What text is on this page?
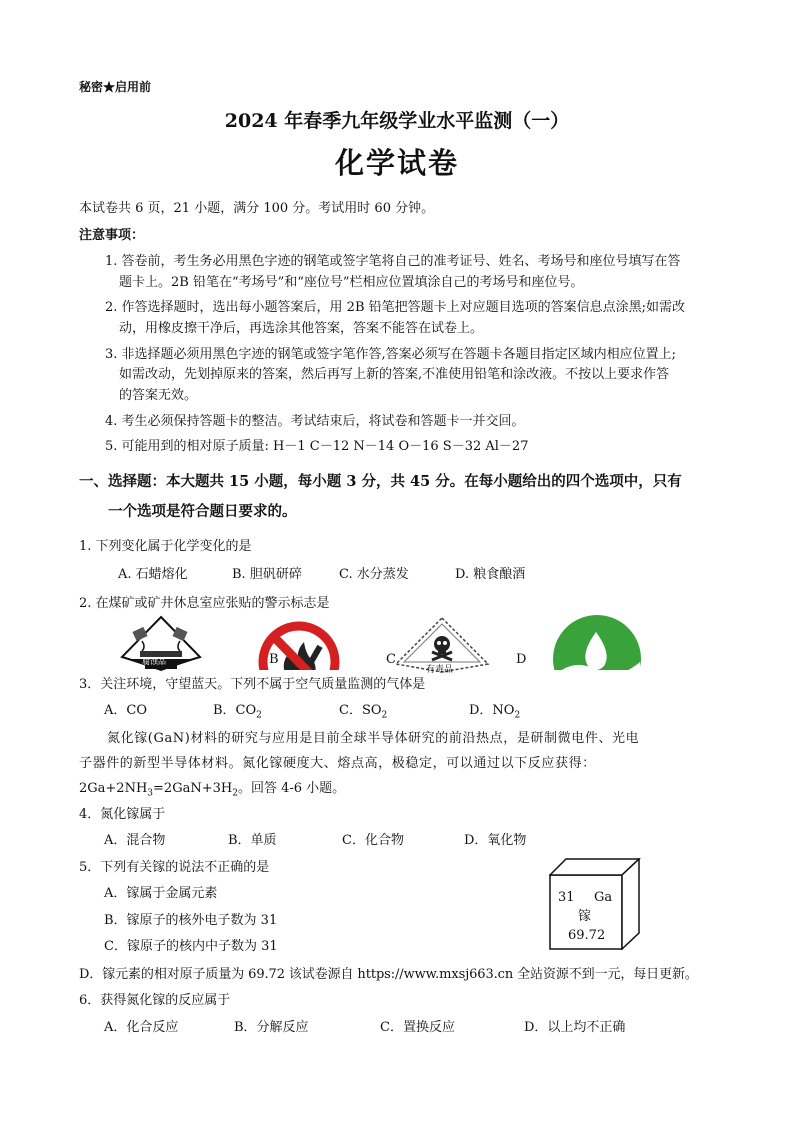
秘密★启用前
2024 年春季九年级学业水平监测（一）
化学试卷
本试卷共 6 页，21 小题，满分 100 分。考试用时 60 分钟。
注意事项：
1. 答卷前，考生务必用黑色字迹的钢笔或签字笔将自己的准考证号、姓名、考场号和座位号填写在答
题卡上。2B 铅笔在“考场号”和“座位号”栏相应位置填涂自己的考场号和座位号。
2. 作答选择题时，选出每小题答案后，用 2B 铅笔把答题卡上对应题目选项的答案信息点涂黑;如需改
动，用橡皮擦干净后，再选涂其他答案，答案不能答在试卷上。
3. 非选择题必须用黑色字迹的钢笔或签字笔作答,答案必须写在答题卡各题目指定区域内相应位置上;
如需改动，先划掉原来的答案，然后再写上新的答案,不准使用铅笔和涂改液。不按以上要求作答
的答案无效。
4. 考生必须保持答题卡的整洁。考试结束后，将试卷和答题卡一并交回。
5. 可能用到的相对原子质量: H－1 C－12 N－14 O－16 S－32 Al－27
一、选择题：本大题共 15 小题，每小题 3 分，共 45 分。在每小题给出的四个选项中，只有
一个选项是符合题日要求的。
1. 下列变化属于化学变化的是
A. 石蜡熔化	B. 胆矾研碎	C. 水分蒸发	D. 粮食酿酒
2. 在煤矿或矿井休息室应张贴的警示标志是
腐蚀品	B	C
有毒品
D
3．关注环境，守望蓝天。下列不属于空气质量监测的气体是
A．CO	B．$CO_2$	C．$SO_2$	D．$NO_2$
氮化镓(GaN)材料的研究与应用是目前全球半导体研究的前沿热点，是研制微电件、光电
子器件的新型半导体材料。氮化镓硬度大、熔点高，极稳定，可以通过以下反应获得：
$2Ga+2NH_3=2GaN+3H_2$。回答 4-6 小题。
4．氮化镓属于
A．混合物	B．单质	C．化合物	D．氧化物
5．下列有关镓的说法不正确的是
A．镓属于金属元素
B．镓原子的核外电子数为 31
C．镓原子的核内中子数为 31
D．镓元素的相对原子质量为 69.72 该试卷源自 https://www.mxsj663.cn 全站资源不到一元，每日更新。
31 Ga
镓
69.72
6．获得氮化镓的反应属于
A．化合反应	B．分解反应	C．置换反应	D．以上均不正确
